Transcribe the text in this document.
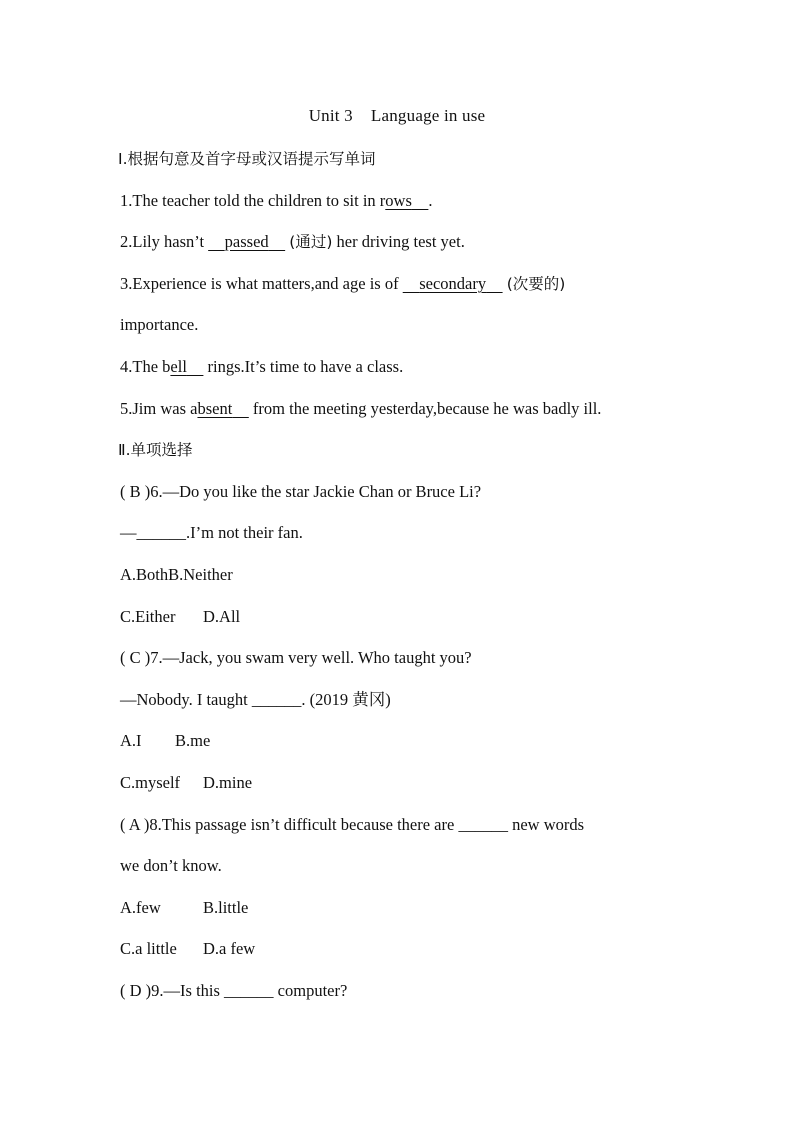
Unit 3 Language in use
Ⅰ.根据句意及首字母或汉语提示写单词
1.The teacher told the children to sit in rows .
2.Lily hasn’t     passed (通过) her driving test yet.
3.Experience is what matters,and age is of     secondary (次要的)
importance.
4.The bell rings.It’s time to have a class.
5.Jim was absent from the meeting yesterday,because he was badly ill.
Ⅱ.单项选择
( B )6.—Do you like the star Jackie Chan or Bruce Li?
—______.I’m not their fan.
A.BothB.Neither
C.Either D.All
( C )7.—Jack, you swam very well. Who taught you?
—Nobody. I taught ______. (2019 黄冈)
A.I B.me
C.myself D.mine
( A )8.This passage isn’t difficult because there are ______ new words
we don’t know.
A.few	B.little
C.a little D.a few
( D )9.—Is this ______ computer?
